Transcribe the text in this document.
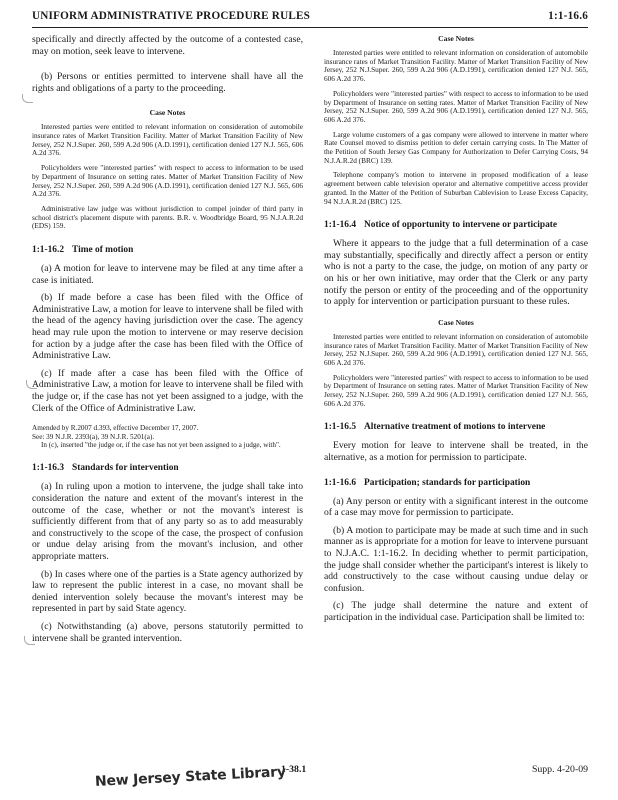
UNIFORM ADMINISTRATIVE PROCEDURE RULES	1:1-16.6

specifically and directly affected by the outcome of a contested case, may on motion, seek leave to intervene.

(b) Persons or entities permitted to intervene shall have all the rights and obligations of a party to the proceeding.

Case Notes

Interested parties were entitled to relevant information on consideration of automobile insurance rates of Market Transition Facility. Matter of Market Transition Facility of New Jersey, 252 N.J.Super. 260, 599 A.2d 906 (A.D.1991), certification denied 127 N.J. 565, 606 A.2d 376.

Policyholders were "interested parties" with respect to access to information to be used by Department of Insurance on setting rates. Matter of Market Transition Facility of New Jersey, 252 N.J.Super. 260, 599 A.2d 906 (A.D.1991), certification denied 127 N.J. 565, 606 A.2d 376.

Administrative law judge was without jurisdiction to compel joinder of third party in school district's placement dispute with parents. B.R. v. Woodbridge Board, 95 N.J.A.R.2d (EDS) 159.

1:1-16.2 Time of motion

(a) A motion for leave to intervene may be filed at any time after a case is initiated.

(b) If made before a case has been filed with the Office of Administrative Law, a motion for leave to intervene shall be filed with the head of the agency having jurisdiction over the case. The agency head may rule upon the motion to intervene or may reserve decision for action by a judge after the case has been filed with the Office of Administrative Law.

(c) If made after a case has been filed with the Office of Administrative Law, a motion for leave to intervene shall be filed with the judge or, if the case has not yet been assigned to a judge, with the Clerk of the Office of Administrative Law.

Amended by R.2007 d.393, effective December 17, 2007.

See: 39 N.J.R. 2393(a), 39 N.J.R. 5201(a).

In (c), inserted "the judge or, if the case has not yet been assigned to a judge, with".

1:1-16.3 Standards for intervention

(a) In ruling upon a motion to intervene, the judge shall take into consideration the nature and extent of the movant's interest in the outcome of the case, whether or not the movant's interest is sufficiently different from that of any party so as to add measurably and constructively to the scope of the case, the prospect of confusion or undue delay arising from the movant's inclusion, and other appropriate matters.

(b) In cases where one of the parties is a State agency authorized by law to represent the public interest in a case, no movant shall be denied intervention solely because the movant's interest may be represented in part by said State agency.

(c) Notwithstanding (a) above, persons statutorily permitted to intervene shall be granted intervention.

Case Notes

Interested parties were entitled to relevant information on consideration of automobile insurance rates of Market Transition Facility. Matter of Market Transition Facility of New Jersey, 252 N.J.Super. 260, 599 A.2d 906 (A.D.1991), certification denied 127 N.J. 565, 606 A.2d 376.

Policyholders were "interested parties" with respect to access to information to be used by Department of Insurance on setting rates. Matter of Market Transition Facility of New Jersey, 252 N.J.Super. 260, 599 A.2d 906 (A.D.1991), certification denied 127 N.J. 565, 606 A.2d 376.

Large volume customers of a gas company were allowed to intervene in matter where Rate Counsel moved to dismiss petition to defer certain carrying costs. In The Matter of the Petition of South Jersey Gas Company for Authorization to Defer Carrying Costs, 94 N.J.A.R.2d (BRC) 139.

Telephone company's motion to intervene in proposed modification of a lease agreement between cable television operator and alternative competitive access provider granted. In the Matter of the Petition of Suburban Cablevision to Lease Excess Capacity, 94 N.J.A.R.2d (BRC) 125.

1:1-16.4 Notice of opportunity to intervene or participate

Where it appears to the judge that a full determination of a case may substantially, specifically and directly affect a person or entity who is not a party to the case, the judge, on motion of any party or on his or her own initiative, may order that the Clerk or any party notify the person or entity of the proceeding and of the opportunity to apply for intervention or participation pursuant to these rules.

Case Notes

Interested parties were entitled to relevant information on consideration of automobile insurance rates of Market Transition Facility. Matter of Market Transition Facility of New Jersey, 252 N.J.Super. 260, 599 A.2d 906 (A.D.1991), certification denied 127 N.J. 565, 606 A.2d 376.

Policyholders were "interested parties" with respect to access to information to be used by Department of Insurance on setting rates. Matter of Market Transition Facility of New Jersey, 252 N.J.Super. 260, 599 A.2d 906 (A.D.1991), certification denied 127 N.J. 565, 606 A.2d 376.

1:1-16.5 Alternative treatment of motions to intervene

Every motion for leave to intervene shall be treated, in the alternative, as a motion for permission to participate.

1:1-16.6 Participation; standards for participation

(a) Any person or entity with a significant interest in the outcome of a case may move for permission to participate.

(b) A motion to participate may be made at such time and in such manner as is appropriate for a motion for leave to intervene pursuant to N.J.A.C. 1:1-16.2. In deciding whether to permit participation, the judge shall consider whether the participant's interest is likely to add constructively to the case without causing undue delay or confusion.

(c) The judge shall determine the nature and extent of participation in the individual case. Participation shall be limited to:

1-38.1	Supp. 4-20-09
New Jersey State Library
